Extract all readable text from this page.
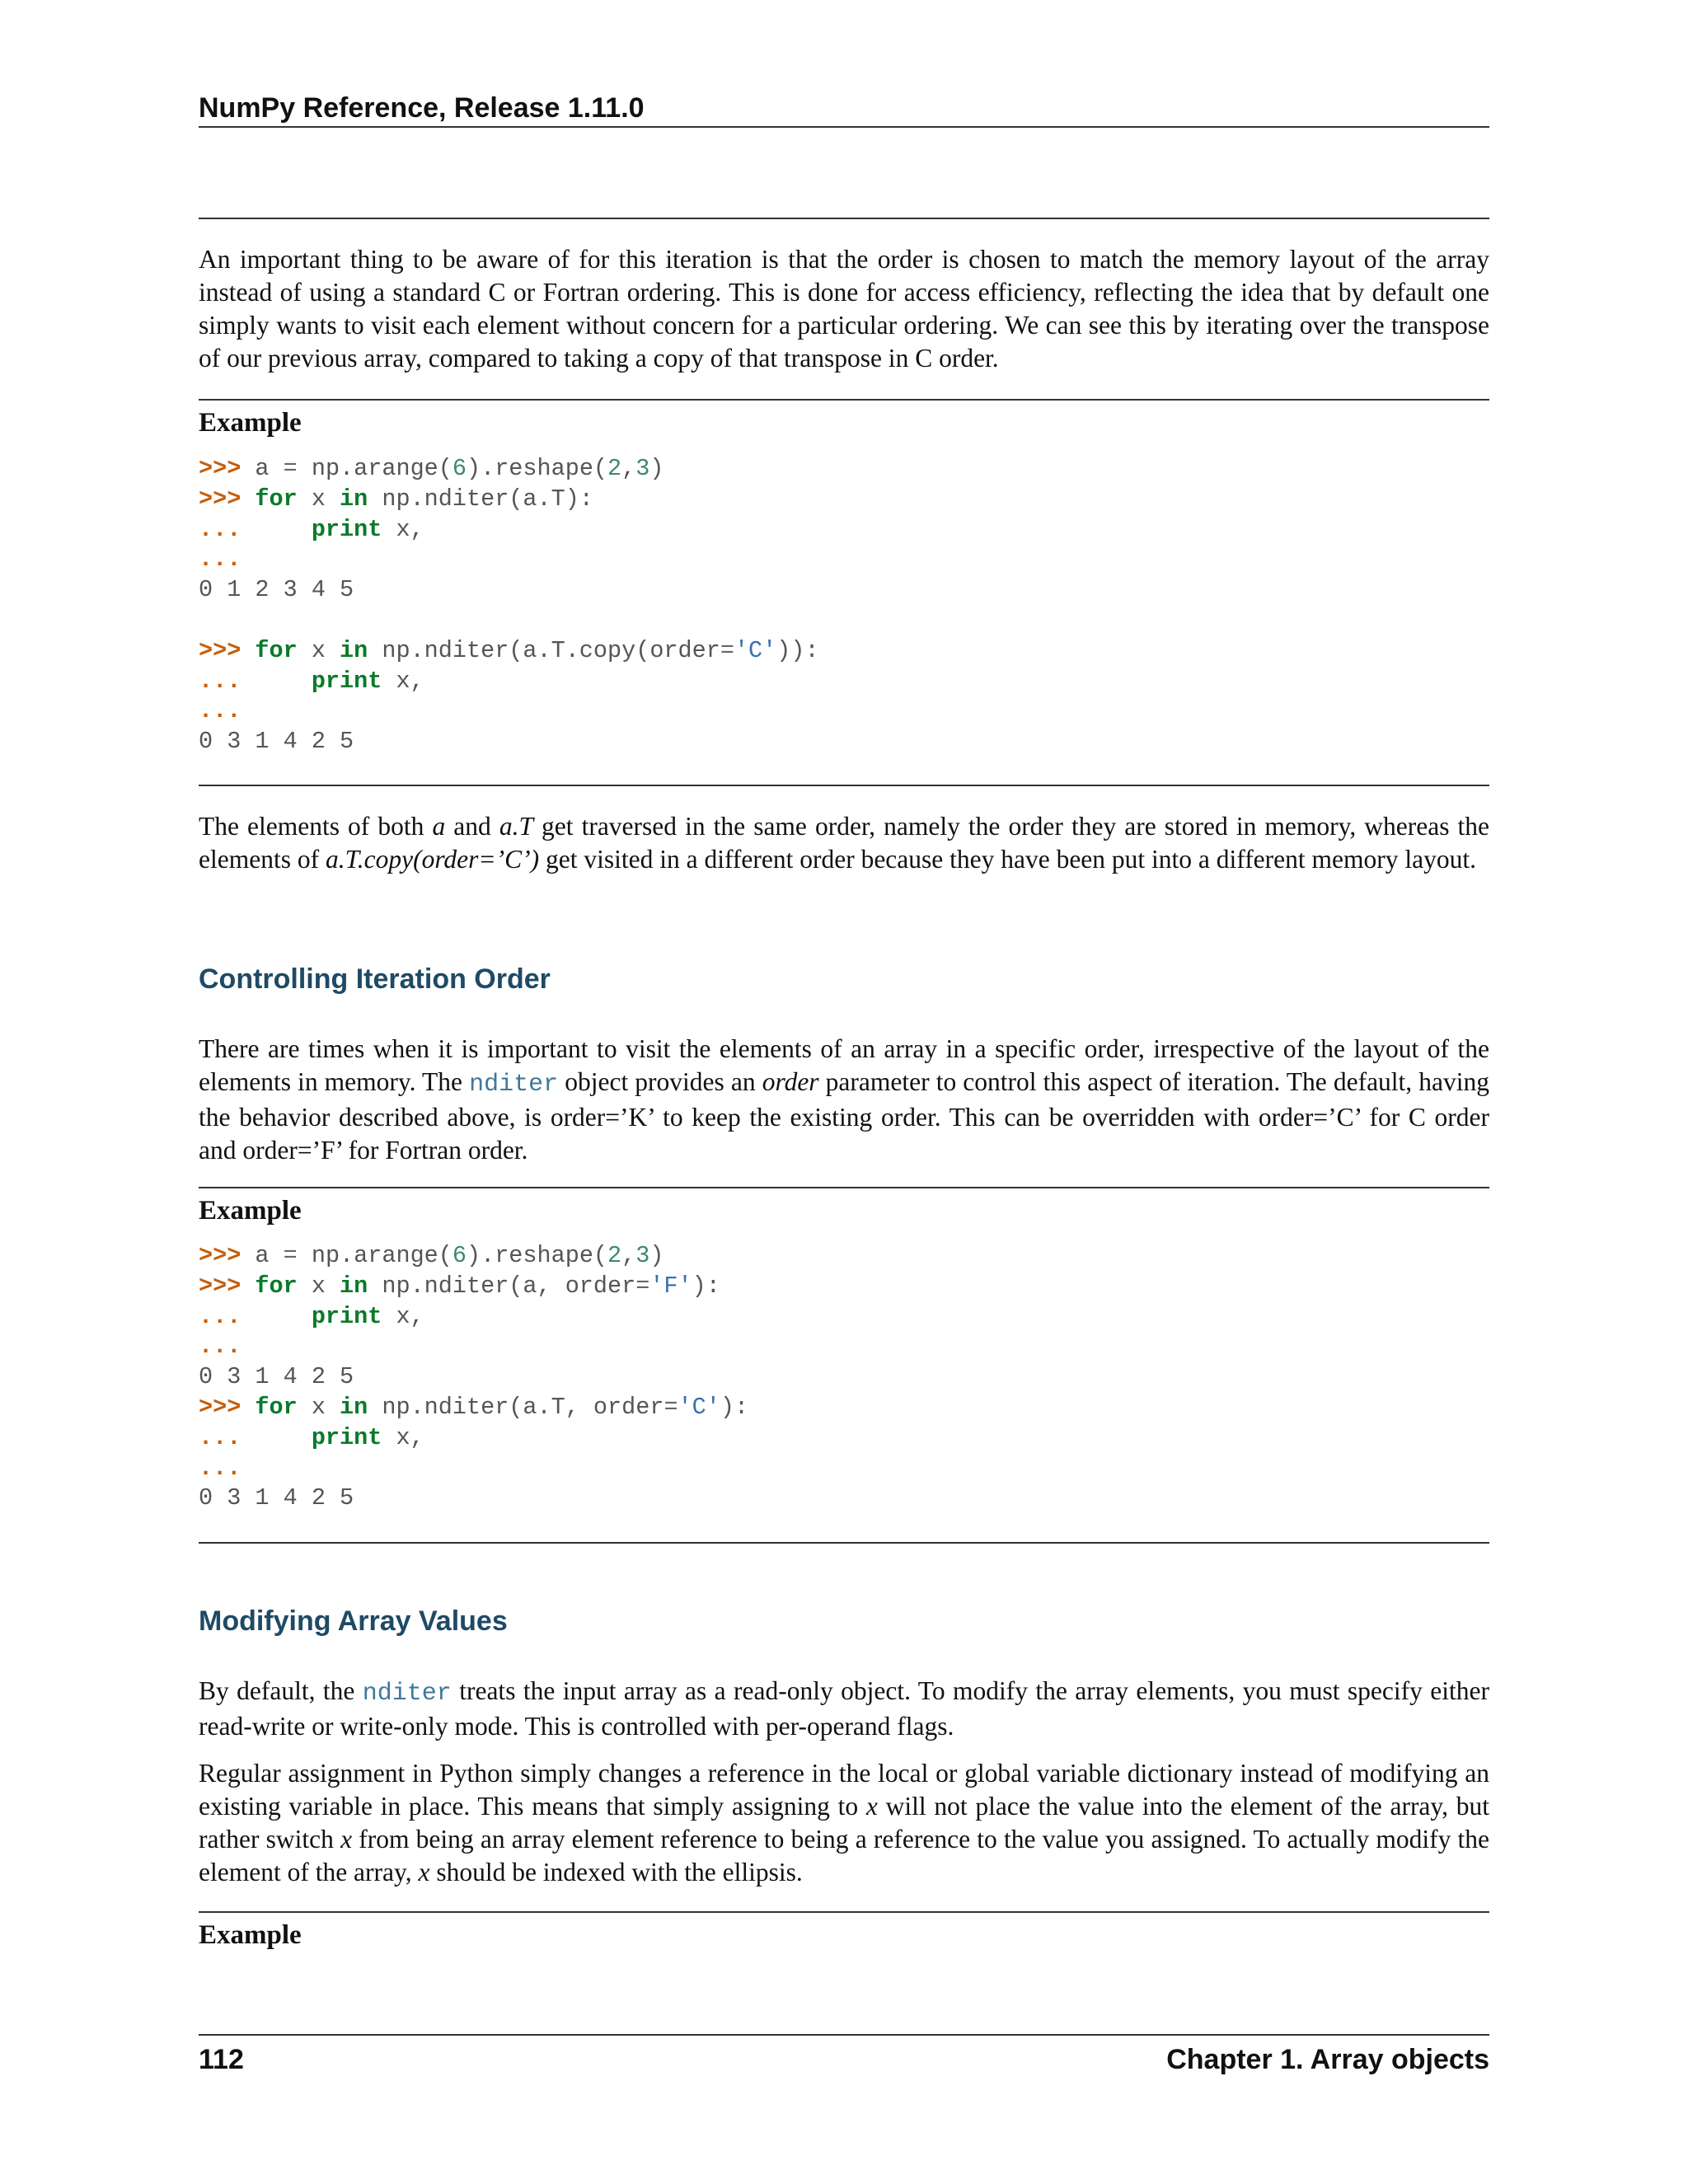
NumPy Reference, Release 1.11.0

An important thing to be aware of for this iteration is that the order is chosen to match the memory layout of the array instead of using a standard C or Fortran ordering. This is done for access efficiency, reflecting the idea that by default one simply wants to visit each element without concern for a particular ordering. We can see this by iterating over the transpose of our previous array, compared to taking a copy of that transpose in C order.

Example
>>> a = np.arange(6).reshape(2,3)
>>> for x in np.nditer(a.T):
...     print x,
...
0 1 2 3 4 5
>>> for x in np.nditer(a.T.copy(order='C')):
...     print x,
...
0 3 1 4 2 5

The elements of both a and a.T get traversed in the same order, namely the order they are stored in memory, whereas the elements of a.T.copy(order=’C’) get visited in a different order because they have been put into a different memory layout.

Controlling Iteration Order

There are times when it is important to visit the elements of an array in a specific order, irrespective of the layout of the elements in memory. The nditer object provides an order parameter to control this aspect of iteration. The default, having the behavior described above, is order=’K’ to keep the existing order. This can be overridden with order=’C’ for C order and order=’F’ for Fortran order.

Example
>>> a = np.arange(6).reshape(2,3)
>>> for x in np.nditer(a, order='F'):
...     print x,
...
0 3 1 4 2 5
>>> for x in np.nditer(a.T, order='C'):
...     print x,
...
0 3 1 4 2 5
Modifying Array Values

By default, the nditer treats the input array as a read-only object. To modify the array elements, you must specify either read-write or write-only mode. This is controlled with per-operand flags.

Regular assignment in Python simply changes a reference in the local or global variable dictionary instead of modifying an existing variable in place. This means that simply assigning to x will not place the value into the element of the array, but rather switch x from being an array element reference to being a reference to the value you assigned. To actually modify the element of the array, x should be indexed with the ellipsis.

Example
112	Chapter 1. Array objects
